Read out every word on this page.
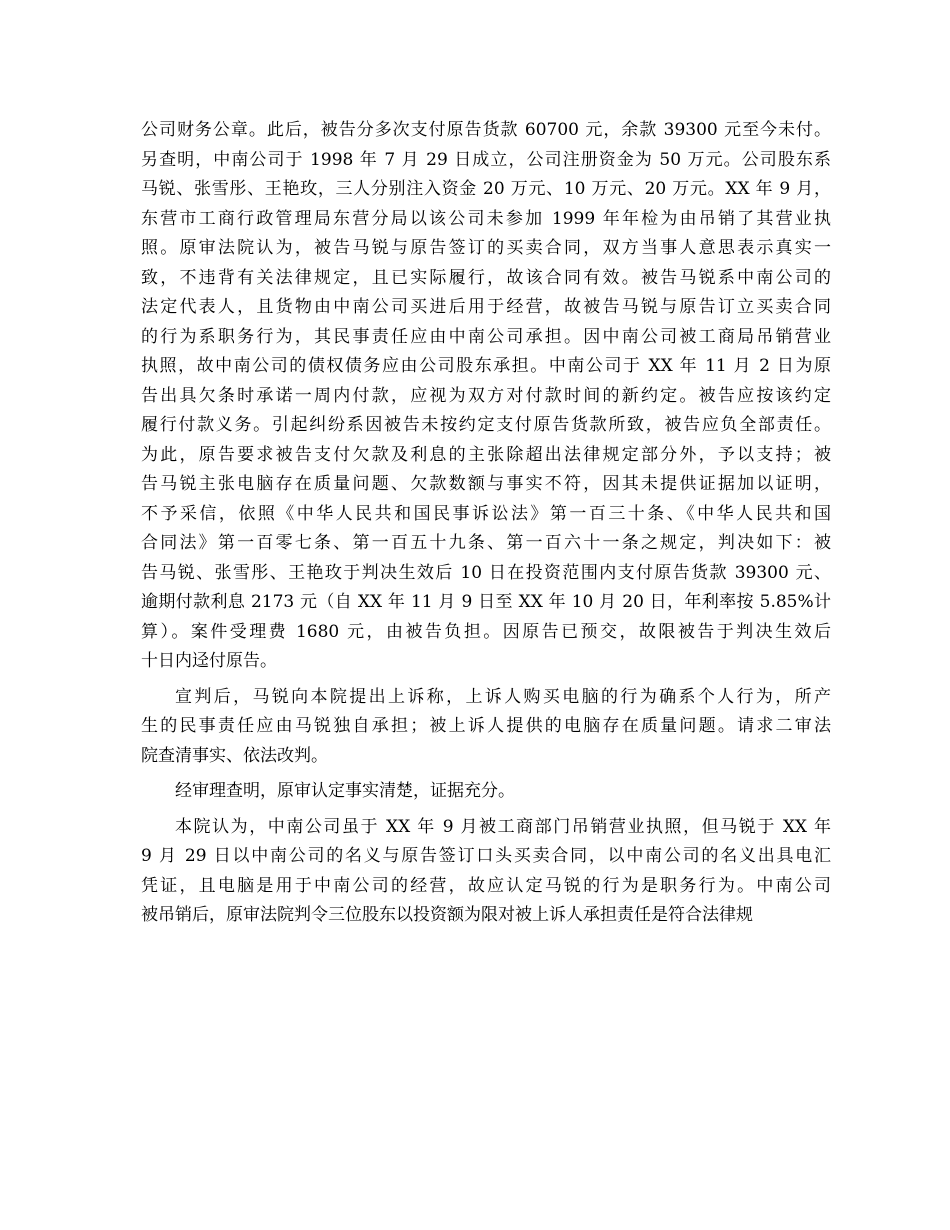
公司财务公章。此后，被告分多次支付原告货款 60700 元，余款 39300 元至今未付。
另查明，中南公司于 1998 年 7 月 29 日成立，公司注册资金为 50 万元。公司股东系
马锐、张雪彤、王艳玫，三人分别注入资金 20 万元、10 万元、20 万元。XX 年 9 月，
东营市工商行政管理局东营分局以该公司未参加 1999 年年检为由吊销了其营业执
照。原审法院认为，被告马锐与原告签订的买卖合同，双方当事人意思表示真实一
致，不违背有关法律规定，且已实际履行，故该合同有效。被告马锐系中南公司的
法定代表人，且货物由中南公司买进后用于经营，故被告马锐与原告订立买卖合同
的行为系职务行为，其民事责任应由中南公司承担。因中南公司被工商局吊销营业
执照，故中南公司的债权债务应由公司股东承担。中南公司于 XX 年 11 月 2 日为原
告出具欠条时承诺一周内付款，应视为双方对付款时间的新约定。被告应按该约定
履行付款义务。引起纠纷系因被告未按约定支付原告货款所致，被告应负全部责任。
为此，原告要求被告支付欠款及利息的主张除超出法律规定部分外，予以支持；被
告马锐主张电脑存在质量问题、欠款数额与事实不符，因其未提供证据加以证明，
不予采信，依照《中华人民共和国民事诉讼法》第一百三十条、《中华人民共和国
合同法》第一百零七条、第一百五十九条、第一百六十一条之规定，判决如下：被
告马锐、张雪彤、王艳玫于判决生效后 10 日在投资范围内支付原告货款 39300 元、
逾期付款利息 2173 元（自 XX 年 11 月 9 日至 XX 年 10 月 20 日，年利率按 5.85%计
算）。案件受理费 1680 元，由被告负担。因原告已预交，故限被告于判决生效后
十日内迳付原告。
宣判后，马锐向本院提出上诉称，上诉人购买电脑的行为确系个人行为，所产
生的民事责任应由马锐独自承担；被上诉人提供的电脑存在质量问题。请求二审法
院查清事实、依法改判。
经审理查明，原审认定事实清楚，证据充分。
本院认为，中南公司虽于 XX 年 9 月被工商部门吊销营业执照，但马锐于 XX 年
9 月 29 日以中南公司的名义与原告签订口头买卖合同，以中南公司的名义出具电汇
凭证，且电脑是用于中南公司的经营，故应认定马锐的行为是职务行为。中南公司
被吊销后，原审法院判令三位股东以投资额为限对被上诉人承担责任是符合法律规
